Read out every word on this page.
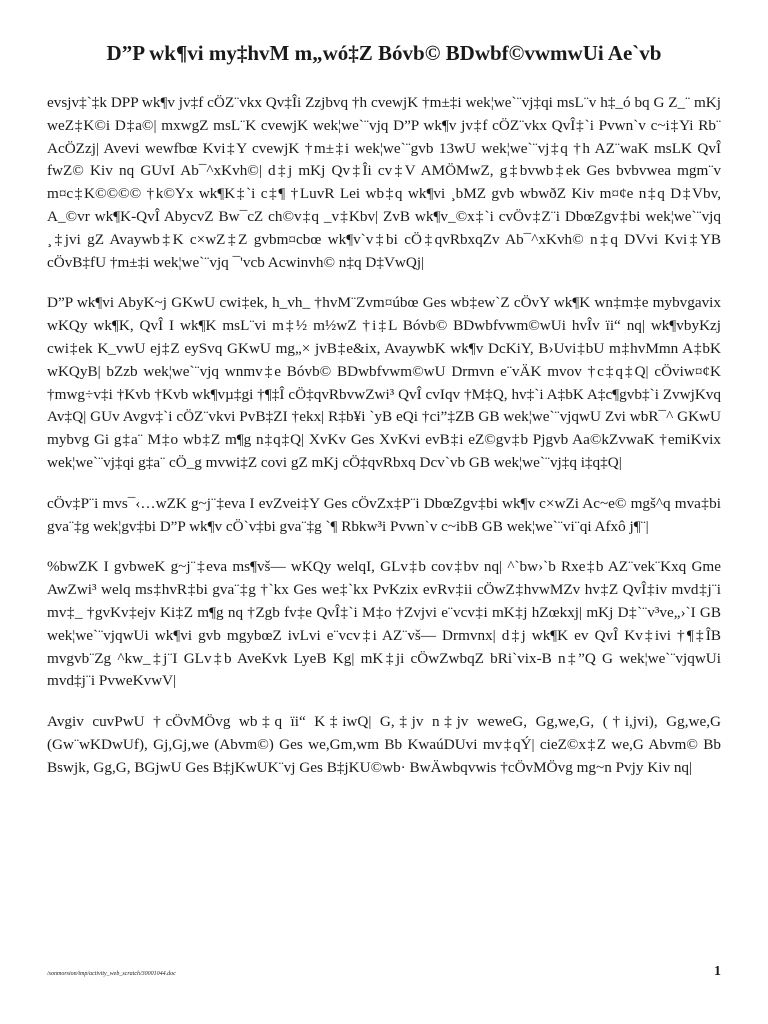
D”P wk¶vi my‡hvM m„wó‡Z Bóvb© BDwbf©vwmwUi Ae`vb

evsjv‡`‡k DPP wk¶v jv‡f cÖZ¨vkx Qv‡Îi Zzjbvq †h cvewjK †m±‡i wek¦we`¨vj‡qi msL¨v h‡_ó bq G Z_¨ mKj weZ‡K©i D‡a©| mxwgZ msL¨K cvewjK wek¦we`¨vjq D”P wk¶v jv‡f cÖZ¨vkx QvÎ‡`i Pvwn`v c~i‡Yi Rb¨ AcÖZzj| Avevi wewfbœ Kvi‡Y cvewjK †m±‡i wek¦we`¨gvb 13wU wek¦we`¨vj‡q †h AZ¨waK msLK QvÎ fwZ© Kiv nq GUvI Ab¯^xKvh©| d‡j mKj Qv‡Îi cv‡V AMÖMwZ, g‡bvwb‡ek Ges bvbvwea mgm¨v m¤c‡K©©©© †k©Yx wk¶K‡`i c‡¶ †LuvR Lei wb‡q wk¶vi ¸bMZ gvb wbwðZ Kiv m¤¢e n‡q D‡Vbv, A_©vr wk¶K-QvÎ AbycvZ Bw¯cZ ch©v‡q _v‡Kbv| ZvB wk¶v_©x‡`i cvÖv‡Z¨i DbœZgv‡bi wek¦we`¨vjq ¸‡jvi gZ Avaywb‡K c×wZ‡Z gvbm¤cbœ wk¶v`v‡bi cÖ‡qvRbxqZv Ab¯^xKvh© n‡q DVvi Kvi‡YB cÖvB‡fU †m±‡i wek¦we`¨vjq ¯'vcb Acwinvh© n‡q D‡VwQj|

D”P wk¶vi AbyK~j GKwU cwi‡ek, h_vh_ †hvM¨Zvm¤úbœ Ges wb‡ew`Z cÖvY wk¶K wn‡m‡e mybvgavix wKQy wk¶K, QvÎ I wk¶K msL¨vi m‡½ m½wZ †i‡L Bóvb© BDwbfvwm©wUi hvÎv ïi“ nq| wk¶vbyKzj cwi‡ek K_vwU ej‡Z eySvq GKwU mg„× jvB‡e&ix, AvaywbK wk¶v DcKiY, B›Uvi‡bU m‡hvMmn A‡bK wKQyB| bZzb wek¦we`¨vjq wnmv‡e Bóvb© BDwbfvwm©wU Drmvn e¨vÄK mvov †c‡q‡Q| cÖviw¤¢K †mwg÷v‡i †Kvb †Kvb wk¶vµ‡gi †¶‡Î cÖ‡qvRbvwZwi³ QvÎ cvIqv †M‡Q, hv‡`i A‡bK A‡c¶gvb‡`i ZvwjKvq Av‡Q| GUv Avgv‡`i cÖZ¨vkvi PvB‡ZI †ekx| R‡b¥i `yB eQi †ci”‡ZB GB wek¦we`¨vjqwU Zvi wbR¯^ GKwU mybvg Gi g‡a¨ M‡o wb‡Z m¶g n‡q‡Q| XvKv Ges XvKvi evB‡i eZ©gv‡b Pjgvb Aa©kZvwaK †emiKvix wek¦we`¨vj‡qi g‡a¨ cÖ_g mvwi‡Z covi gZ mKj cÖ‡qvRbxq Dcv`vb GB wek¦we`¨vj‡q i‡q‡Q|

cÖv‡P¨i mvs¯‹…wZK g~j¨‡eva I evZvei‡Y Ges cÖvZx‡P¨i DbœZgv‡bi wk¶v c×wZi Ac~e© mgš^q mva‡bi gva¨‡g wek¦gv‡bi D”P wk¶v cÖ`v‡bi gva¨‡g `¶ Rbkw³i Pvwn`v c~ibB GB wek¦we`¨vi¨qi Afxô j¶¨|

%bwZK I gvbweK g~j¨‡eva ms¶vš— wKQy welqI, GLv‡b cov‡bv nq| ^`bw›`b Rxe‡b AZ¨vek¨Kxq Gme AwZwi³ welq ms‡hvR‡bi gva¨‡g †`kx Ges we‡`kx PvKzix evRv‡ii cÖwZ‡hvwMZv hv‡Z QvÎ‡iv mvd‡j¨i mv‡_ †gvKv‡ejv Ki‡Z m¶g nq †Zgb fv‡e QvÎ‡`i M‡o †Zvjvi e¨vcv‡i mK‡j hZœkxj| mKj D‡`¨v³ve„›`I GB wek¦we`¨vjqwUi wk¶vi gvb mgybœZ ivLvi e¨vcv‡i AZ¨vš— Drmvnx| d‡j wk¶K ev QvÎ Kv‡ivi †¶‡ÎB mvgvb¨Zg ^kw_‡j¨I GLv‡b AveKvk LyeB Kg| mK‡ji cÖwZwbqZ bRi`vix-B n‡”Q G wek¦we`¨vjqwUi mvd‡j¨i PvweKvwV|

Avgiv cuvPwU †cÖvMÖvg wb‡q ïi“ K‡iwQ| G,‡jv n‡jv weweG, Gg,we,G, (†i,jvi), Gg,we,G (Gw¨wKDwUf), Gj,Gj,we (Abvm©) Ges we,Gm,wm Bb KwaúDUvi mv‡qÝ| cieZ©x‡Z we,G Abvm© Bb Bswjk, Gg,G, BGjwU Ges B‡jKwUK¨vj Ges B‡jKU©wb· BwÄwbqvwis †cÖvMÖvg mg~n Pvjy Kiv nq|

/sonmorsion/tmp/activity_web_scratch/30001044.doc	1
